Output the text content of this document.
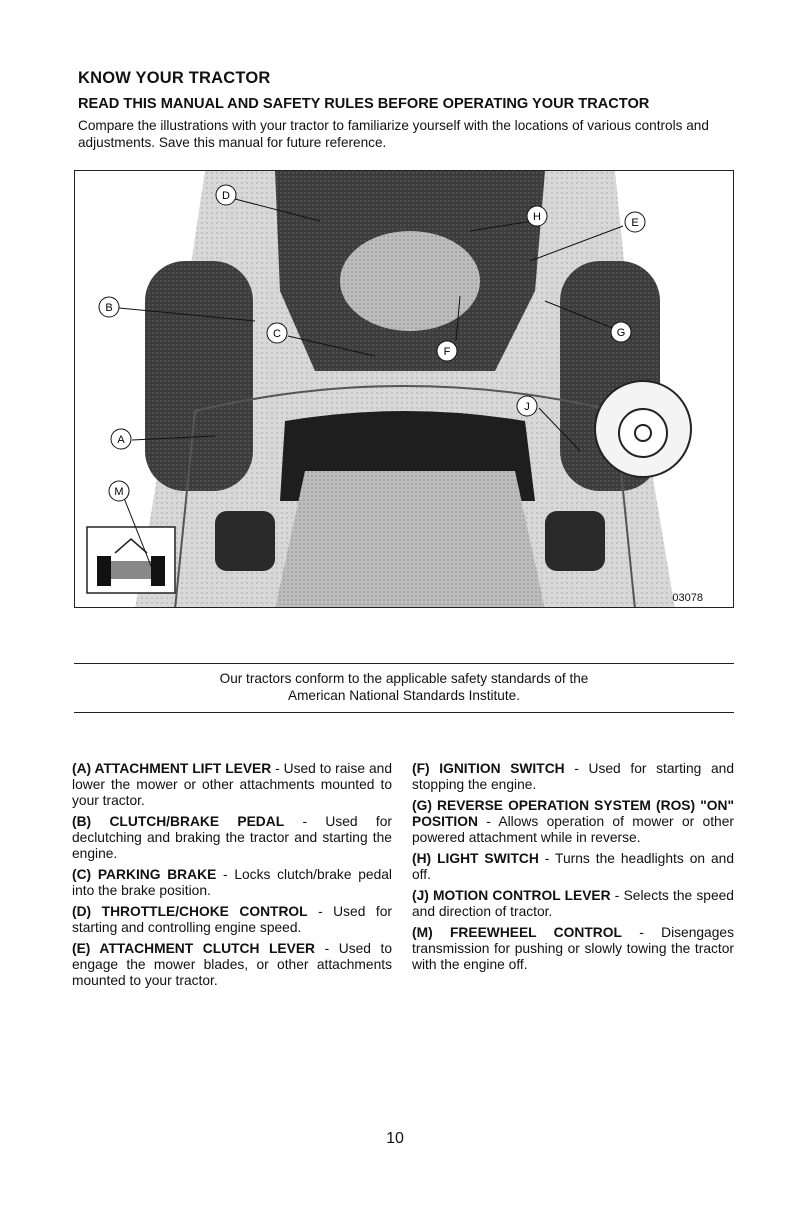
KNOW YOUR TRACTOR
READ THIS MANUAL AND SAFETY RULES BEFORE OPERATING YOUR TRACTOR
Compare the illustrations with your tractor to familiarize yourself with the locations of various controls and adjustments. Save this manual for future reference.
D
H	E
B
C
F
G
J
A
M
03078
Our tractors conform to the applicable safety standards of the
American National Standards Institute.

(A) ATTACHMENT LIFT LEVER - Used to raise and lower the mower or other attachments mounted to your tractor.

(B) CLUTCH/BRAKE PEDAL - Used for declutching and braking the tractor and starting the engine.

(C) PARKING BRAKE - Locks clutch/brake pedal into the brake position.

(D) THROTTLE/CHOKE CONTROL - Used for starting and controlling engine speed.

(E) ATTACHMENT CLUTCH LEVER - Used to engage the mower blades, or other attachments mounted to your tractor.

(F) IGNITION SWITCH - Used for starting and stopping the engine.

(G) REVERSE OPERATION SYSTEM (ROS) "ON" POSITION - Allows operation of mower or other powered attachment while in reverse.

(H) LIGHT SWITCH - Turns the headlights on and off.

(J) MOTION CONTROL LEVER - Selects the speed and direction of tractor.

(M) FREEWHEEL CONTROL - Disengages transmission for pushing or slowly towing the tractor with the engine off.

10
